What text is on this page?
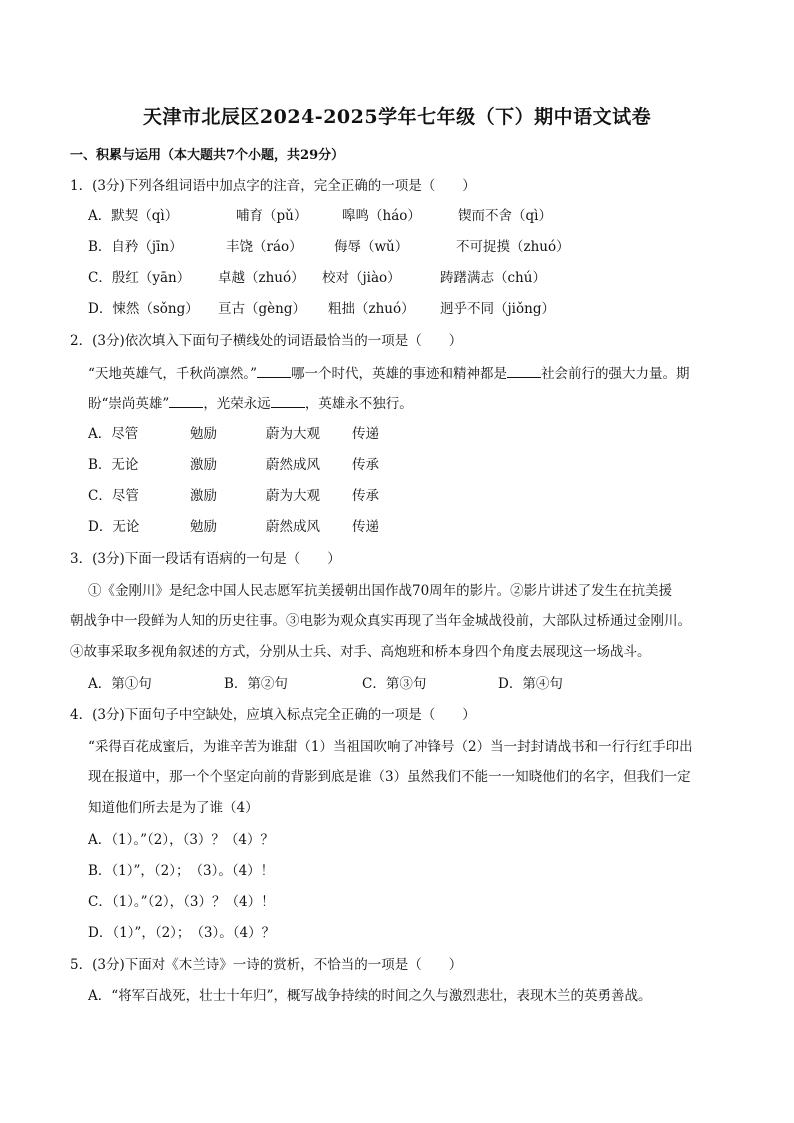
天津市北辰区2024-2025学年七年级（下）期中语文试卷
一、积累与运用（本大题共7个小题，共29分）
1．(3分)下列各组词语中加点字的注音，完全正确的一项是（　　）
A．默契（qì）	哺育（pǔ）	嗥鸣（háo）	锲而不舍（qì）
B．自矜（jīn）	丰饶（ráo） 侮辱（wǔ）	不可捉摸（zhuó）
C．殷红（yān） 卓越（zhuó） 校对（jiào）	踌躇满志（chú）
D．悚然（sǒng） 亘古（gèng） 粗拙（zhuó） 迥乎不同（jiǒng）
2．(3分)依次填入下面句子横线处的词语最恰当的一项是（　　）
“天地英雄气，千秋尚凛然。”	哪一个时代，英雄的事迹和精神都是	社会前行的强大力量。期
盼“崇尚英雄”	，光荣永远	，英雄永不独行。
A．尽管	勉励	蔚为大观 传递
B．无论	激励	蔚然成风 传承
C．尽管	激励	蔚为大观 传承
D．无论	勉励	蔚然成风 传递
3．(3分)下面一段话有语病的一句是（　　）
①《金刚川》是纪念中国人民志愿军抗美援朝出国作战70周年的影片。②影片讲述了发生在抗美援
朝战争中一段鲜为人知的历史往事。③电影为观众真实再现了当年金城战役前，大部队过桥通过金刚川。
④故事采取多视角叙述的方式，分别从士兵、对手、高炮班和桥本身四个角度去展现这一场战斗。
A．第①句	B．第②句	C．第③句	D．第④句
4．(3分)下面句子中空缺处，应填入标点完全正确的一项是（　　）
“采得百花成蜜后，为谁辛苦为谁甜（1）当祖国吹响了冲锋号（2）当一封封请战书和一行行红手印出
现在报道中，那一个个坚定向前的背影到底是谁（3）虽然我们不能一一知晓他们的名字，但我们一定
知道他们所去是为了谁（4）
A．（1）。”（2），（3）？（4）？
B．（1）”，（2）；　（3）。（4）！
C．（1）。”（2），（3）？（4）！
D．（1）”，（2）；　（3）。（4）？
5．(3分)下面对《木兰诗》一诗的赏析，不恰当的一项是（　　）
A．“将军百战死，壮士十年归”，概写战争持续的时间之久与激烈悲壮，表现木兰的英勇善战。
